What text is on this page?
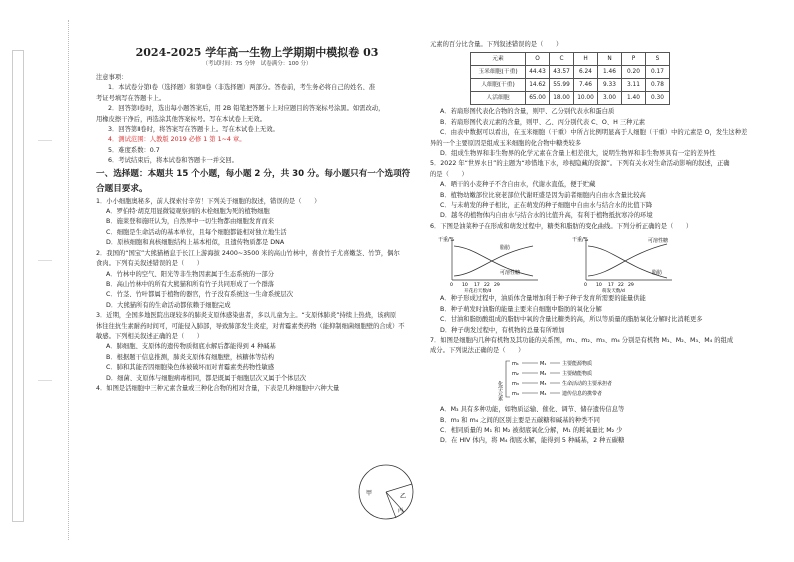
2024-2025 学年高一生物上学期期中模拟卷 03
（考试时间：75 分钟　试卷满分：100 分）

注意事项：

1．本试卷分第Ⅰ卷（选择题）和第Ⅱ卷（非选择题）两部分。答卷前，考生务必将自己的姓名、准

考证号填写在答题卡上。

2．回答第Ⅰ卷时，选出每小题答案后，用 2B 铅笔把答题卡上对应题目的答案标号涂黑。如需改动，

用橡皮擦干净后，再选涂其他答案标号。写在本试卷上无效。

3．回答第Ⅱ卷时，将答案写在答题卡上。写在本试卷上无效。

4．测试范围：人教版 2019 必修 1 第 1~4 章。

5．难度系数：0.7

6．考试结束后，将本试卷和答题卡一并交回。

一、选择题：本题共 15 个小题，每小题 2 分，共 30 分。每小题只有一个选项符
合题目要求。

1．小小细胞奥秘多，前人探索付辛劳！下列关于细胞的叙述，错误的是（　　）

A．罗伯特·胡克用显微镜观察到的木栓细胞为死的植物细胞

B．施莱登和施旺认为，自然界中一切生物都由细胞发育而来

C．细胞是生命活动的基本单位，且每个细胞都能相对独立地生活

D．原核细胞和真核细胞结构上基本相似，且遗传物质都是 DNA

2．我国的“国宝”大熊猫栖息于长江上游海拔 2400~3500 米的高山竹林中，喜食竹子尤喜嫩茎、竹笋，偶尔

食肉。下列有关叙述错误的是（　　）

A．竹林中的空气、阳光等非生物因素属于生态系统的一部分

B．高山竹林中的所有大熊猫和所有竹子共同形成了一个群落

C．竹茎、竹叶都属于植物的器官，竹子没有系统这一生命系统层次

D．大熊猫所有的生命活动都依赖于细胞完成

3．近期，全国多地医院出现较多的肺炎支原体感染患者，多以儿童为主。“支原体肺炎”持续上热烧，该病原

体往往抗生素耐药时间可，可能侵入肺部，导致肺部发生炎症，对青霉素类药物（能抑制细菌细胞壁的合成）不

敏感。下列相关叙述正确的是（　　）

A．肺细胞、支原体的遗传物质彻底水解后都能得到 4 种碱基

B．根据题干信息推测，肺炎支原体有细胞壁，核糖体等结构

C．肺和其能否因细胞染色体被破坏而对青霉素类药物性敏感

D．细菌、支原体与细胞病毒相同，都是既属于细胞层次又属于个体层次

4．如图是活细胞中三种元素含量或三种化合物的相对含量，下表是几种细胞中六种大量

甲	乙
丙

元素的百分比含量。下列叙述错误的是（　　）

元素	O	C	H	N	P	S
玉米细胞(干重)	44.43	43.57	6.24	1.46	0.20	0.17
人细胞(干重)	14.62	55.99	7.46	9.33	3.11	0.78
人活细胞	65.00	18.00	10.00	3.00	1.40	0.30

A．若扇形图代表化合物的含量，则甲、乙分别代表水和蛋白质

B．若扇形图代表元素的含量，则甲、乙、丙分别代表 C、O、H 三种元素

C．由表中数据可以看出，在玉米细胞（干重）中所占比例明显高于人细胞（干重）中的元素是 O，发生这种差

异的一个主要原因是组成玉米细胞的化合物中糖类较多

D．组成生物界和非生物界的化学元素在含量上相差很大，说明生物界和非生物界具有一定的差异性

5．2022 年“世界水日”的主题为“珍惜地下水，珍视隐藏的资源”。下列有关水对生命活动影响的叙述，正确

的是（　　）

A．晒干的小麦种子不含自由水，代谢水直低，便于贮藏

B．植物幼嫩部位比衰老部位代谢旺盛是因为前者细胞内自由水含量比较高

C．与未萌发的种子相比，正在萌发的种子细胞中自由水与结合水的比值下降

D．越冬的植物体内自由水与结合水的比值升高，有利于植物抵抗寒冷的环境

6．下图是油菜种子在形成和萌发过程中，糖类和脂肪的变化曲线。下列分析正确的是（　　）

干重/%
脂肪
可溶性糖
0 10 17 22 29
开花后天数/d
干重/%	可溶性糖
脂肪
0 10 17 22 29
萌发天数/d

A．种子形成过程中，油质体含量增加利于种子种子发育所需要的能量供能

B．种子萌发时油脂的能量主要来自细胞中脂肪的氧化分解

C．甘油和脂肪酸组成的脂肪中氧的含量比糖类的高，所以等质量的脂肪氧化分解时比消耗更多

D．种子萌发过程中，有机物的总量有所增加

7．如图是细胞内几种有机物及其功能的关系图，m₁、m₂、m₃、m₄ 分别是有机物 M₁、M₂、M₃、M₄ 的组成

成分。下列说法正确的是（　　）

化学元素
m₁	M₁	主要能源物质
m₂	M₂	主要储能物质
m₃	M₃	生命活动的主要承担者
m₄	M₄	遗传信息的携带者

A．M₃ 具有多种功能，如物质运输、催化、调节、储存遗传信息等

B．m₃ 和 m₄ 之间的区别主要是五碳糖和碱基的种类不同

C．相同质量的 M₁ 和 M₂ 被彻底氧化分解，M₁ 的耗氧量比 M₂ 少

D．在 HIV 体内，将 M₄ 彻底水解，能得到 5 种碱基，2 种五碳糖
